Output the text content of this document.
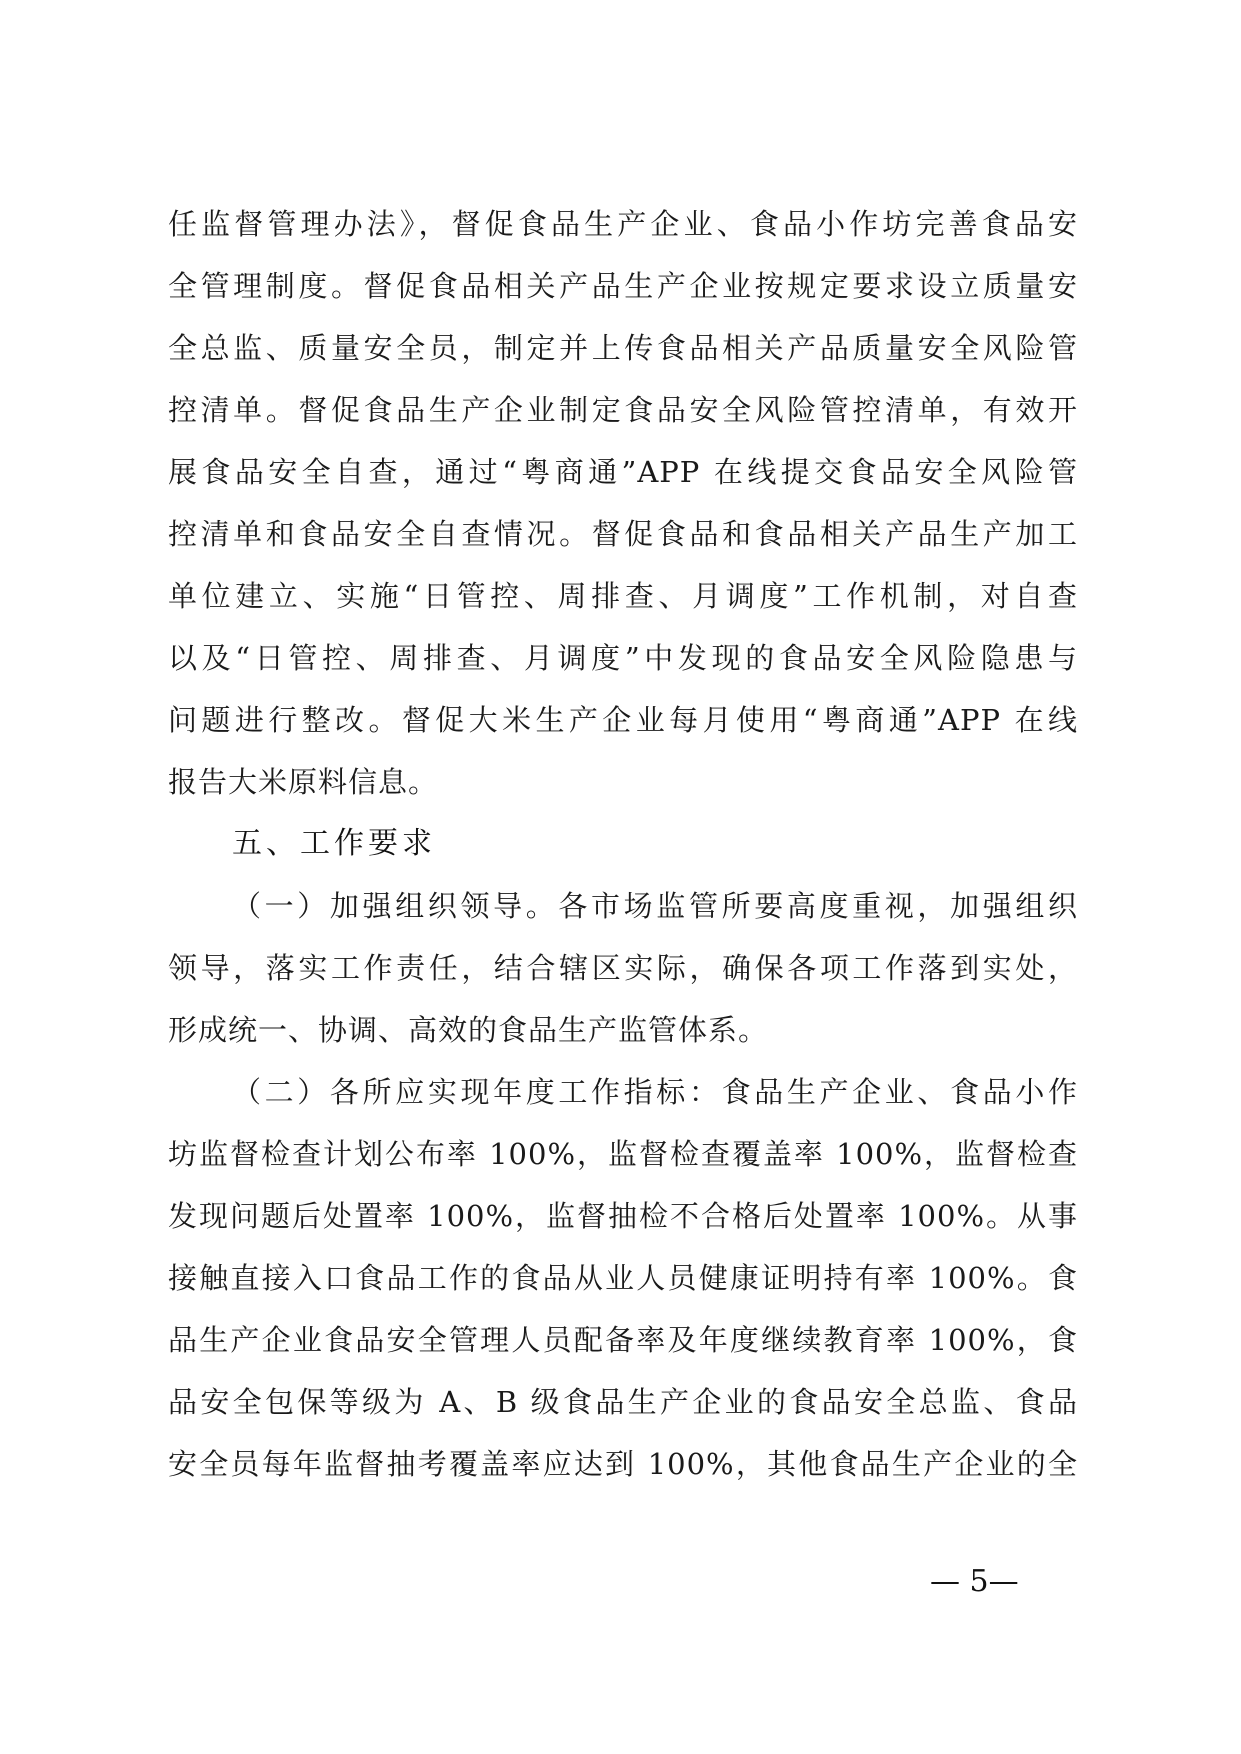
任监督管理办法》，督促食品生产企业、食品小作坊完善食品安
全管理制度。督促食品相关产品生产企业按规定要求设立质量安
全总监、质量安全员，制定并上传食品相关产品质量安全风险管
控清单。督促食品生产企业制定食品安全风险管控清单，有效开
展食品安全自查，通过“粤商通”APP 在线提交食品安全风险管
控清单和食品安全自查情况。督促食品和食品相关产品生产加工
单位建立、实施“日管控、周排查、月调度”工作机制，对自查
以及“日管控、周排查、月调度”中发现的食品安全风险隐患与
问题进行整改。督促大米生产企业每月使用“粤商通”APP 在线
报告大米原料信息。
五、工作要求
（一）加强组织领导。各市场监管所要高度重视，加强组织
领导，落实工作责任，结合辖区实际，确保各项工作落到实处，
形成统一、协调、高效的食品生产监管体系。
（二）各所应实现年度工作指标：食品生产企业、食品小作
坊监督检查计划公布率 100%，监督检查覆盖率 100%，监督检查
发现问题后处置率 100%，监督抽检不合格后处置率 100%。从事
接触直接入口食品工作的食品从业人员健康证明持有率 100%。食
品生产企业食品安全管理人员配备率及年度继续教育率 100%，食
品安全包保等级为 A、B 级食品生产企业的食品安全总监、食品
安全员每年监督抽考覆盖率应达到 100%，其他食品生产企业的全
— 5—
